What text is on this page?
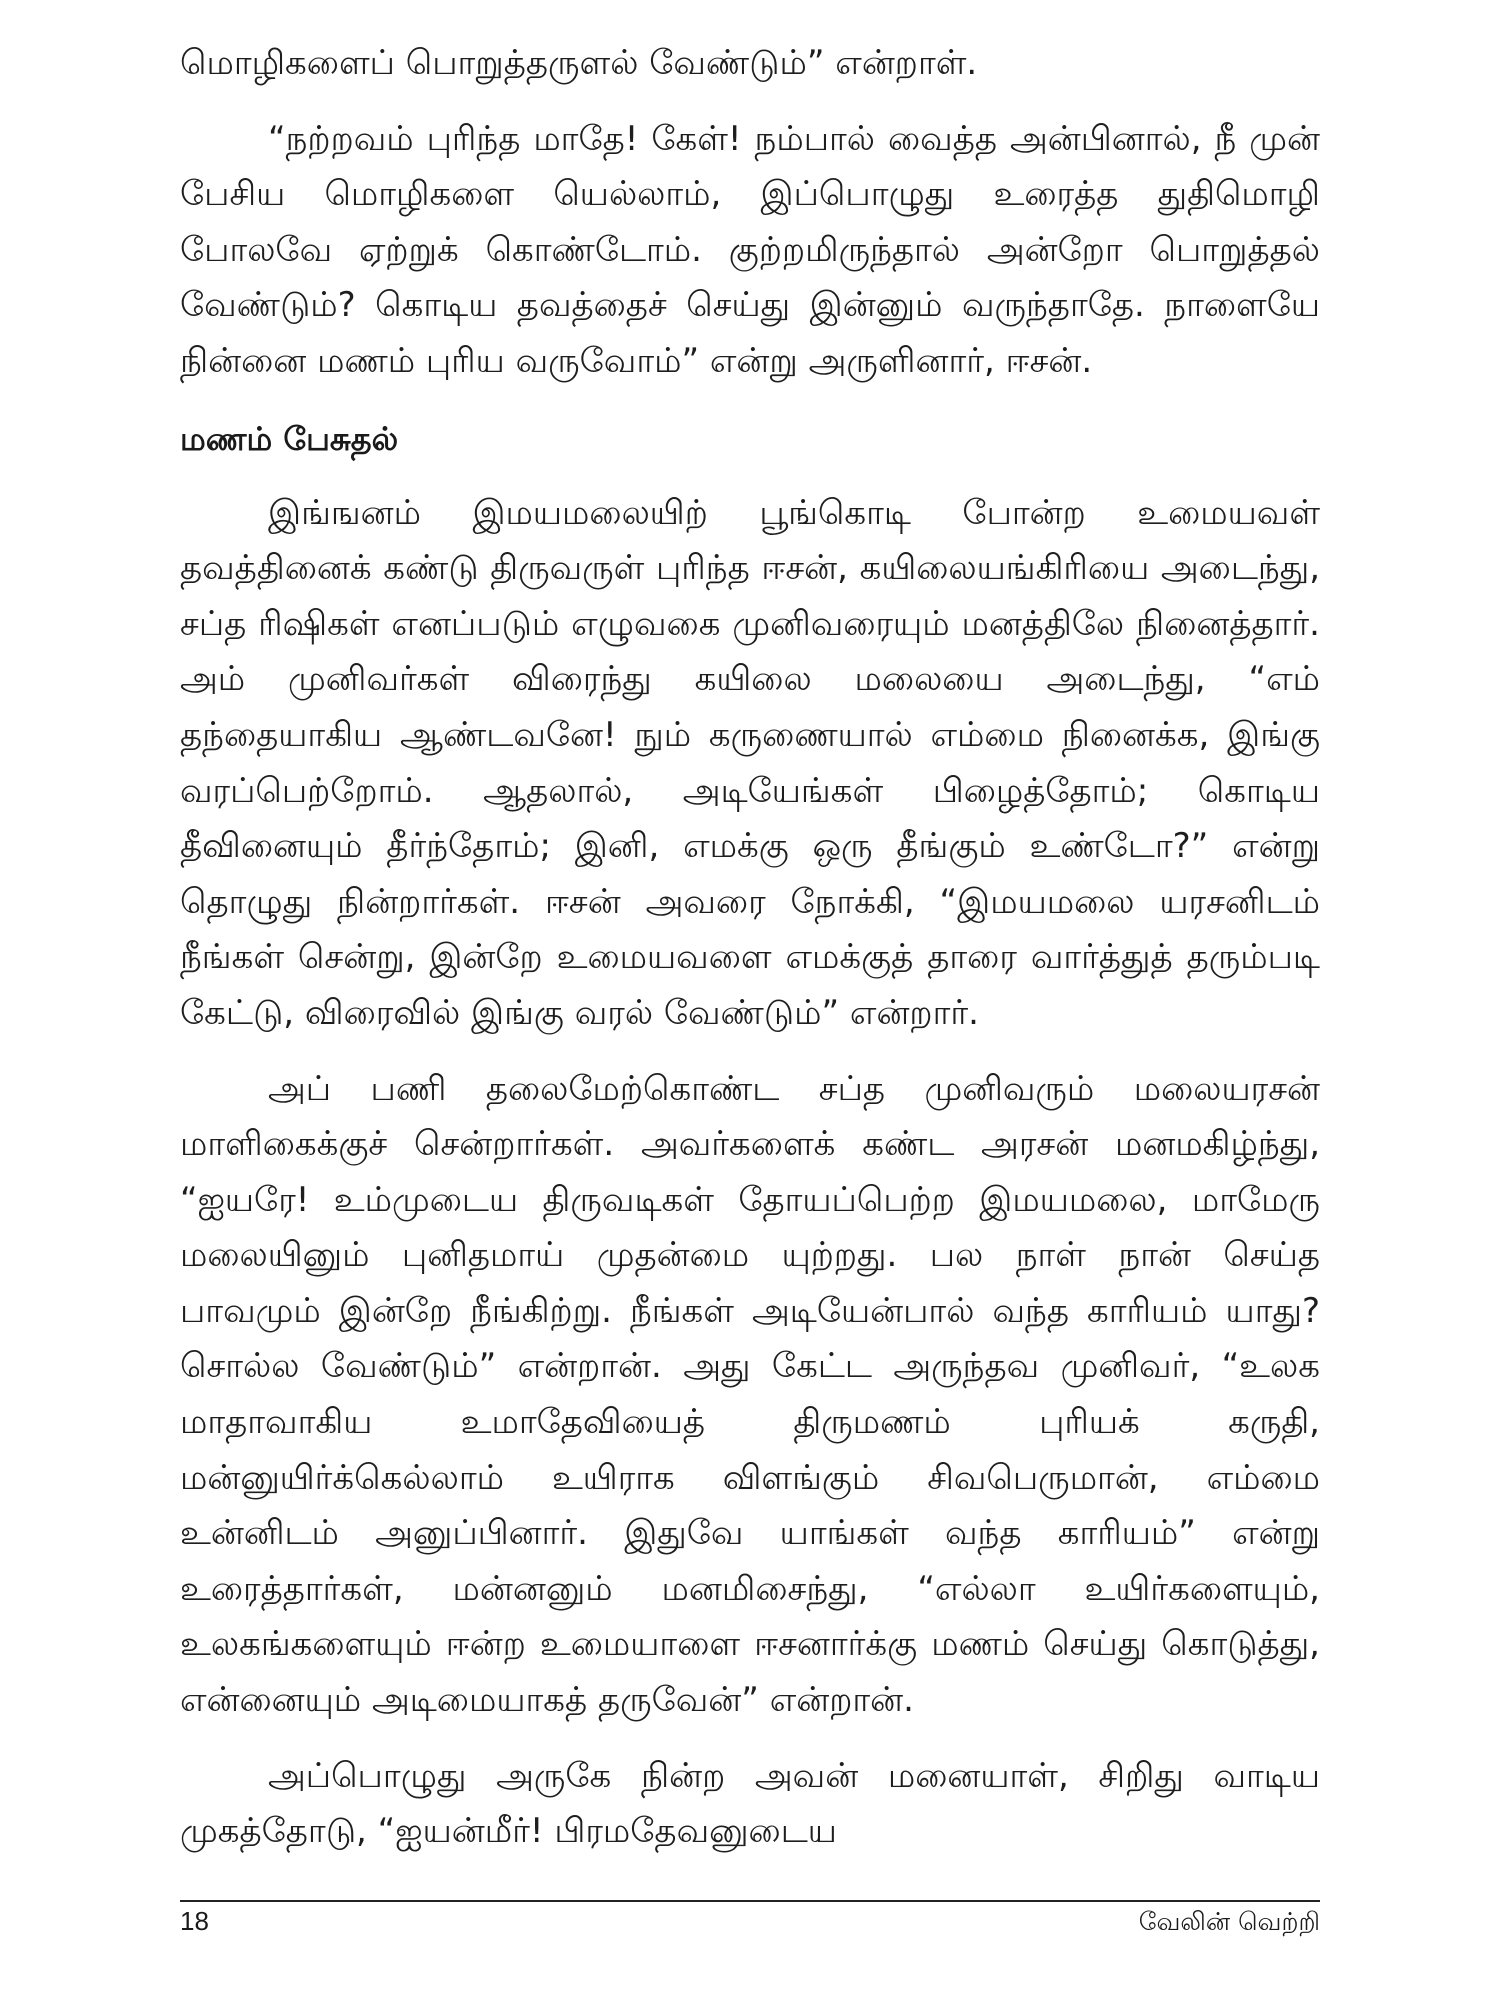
மொழிகளைப் பொறுத்தருளல் வேண்டும்” என்றாள்.

“நற்றவம் புரிந்த மாதே! கேள்! நம்பால் வைத்த அன்பினால், நீ முன் பேசிய மொழிகளை யெல்லாம், இப்பொழுது உரைத்த துதிமொழி போலவே ஏற்றுக் கொண்டோம். குற்றமிருந்தால் அன்றோ பொறுத்தல் வேண்டும்? கொடிய தவத்தைச் செய்து இன்னும் வருந்தாதே. நாளையே நின்னை மணம் புரிய வருவோம்” என்று அருளினார், ஈசன்.

மணம் பேசுதல்

இங்ஙனம் இமயமலையிற் பூங்கொடி போன்ற உமையவள் தவத்தினைக் கண்டு திருவருள் புரிந்த ஈசன், கயிலையங்கிரியை அடைந்து, சப்த ரிஷிகள் எனப்படும் எழுவகை முனிவரையும் மனத்திலே நினைத்தார். அம் முனிவர்கள் விரைந்து கயிலை மலையை அடைந்து, “எம் தந்தையாகிய ஆண்டவனே! நும் கருணையால் எம்மை நினைக்க, இங்கு வரப்பெற்றோம். ஆதலால், அடியேங்கள் பிழைத்தோம்; கொடிய தீவினையும் தீர்ந்தோம்; இனி, எமக்கு ஒரு தீங்கும் உண்டோ?” என்று தொழுது நின்றார்கள். ஈசன் அவரை நோக்கி, “இமயமலை யரசனிடம் நீங்கள் சென்று, இன்றே உமையவளை எமக்குத் தாரை வார்த்துத் தரும்படி கேட்டு, விரைவில் இங்கு வரல் வேண்டும்” என்றார்.

அப் பணி தலைமேற்கொண்ட சப்த முனிவரும் மலையரசன் மாளிகைக்குச் சென்றார்கள். அவர்களைக் கண்ட அரசன் மனமகிழ்ந்து, “ஐயரே! உம்முடைய திருவடிகள் தோயப்பெற்ற இமயமலை, மாமேரு மலையினும் புனிதமாய் முதன்மை யுற்றது. பல நாள் நான் செய்த பாவமும் இன்றே நீங்கிற்று. நீங்கள் அடியேன்பால் வந்த காரியம் யாது? சொல்ல வேண்டும்” என்றான். அது கேட்ட அருந்தவ முனிவர், “உலக மாதாவாகிய உமாதேவியைத் திருமணம் புரியக் கருதி, மன்னுயிர்க்கெல்லாம் உயிராக விளங்கும் சிவபெருமான், எம்மை உன்னிடம் அனுப்பினார். இதுவே யாங்கள் வந்த காரியம்” என்று உரைத்தார்கள், மன்னனும் மனமிசைந்து, “எல்லா உயிர்களையும், உலகங்களையும் ஈன்ற உமையாளை ஈசனார்க்கு மணம் செய்து கொடுத்து, என்னையும் அடிமையாகத் தருவேன்” என்றான்.

அப்பொழுது அருகே நின்ற அவன் மனையாள், சிறிது வாடிய முகத்தோடு, “ஐயன்மீர்! பிரமதேவனுடைய

18	வேலின் வெற்றி
